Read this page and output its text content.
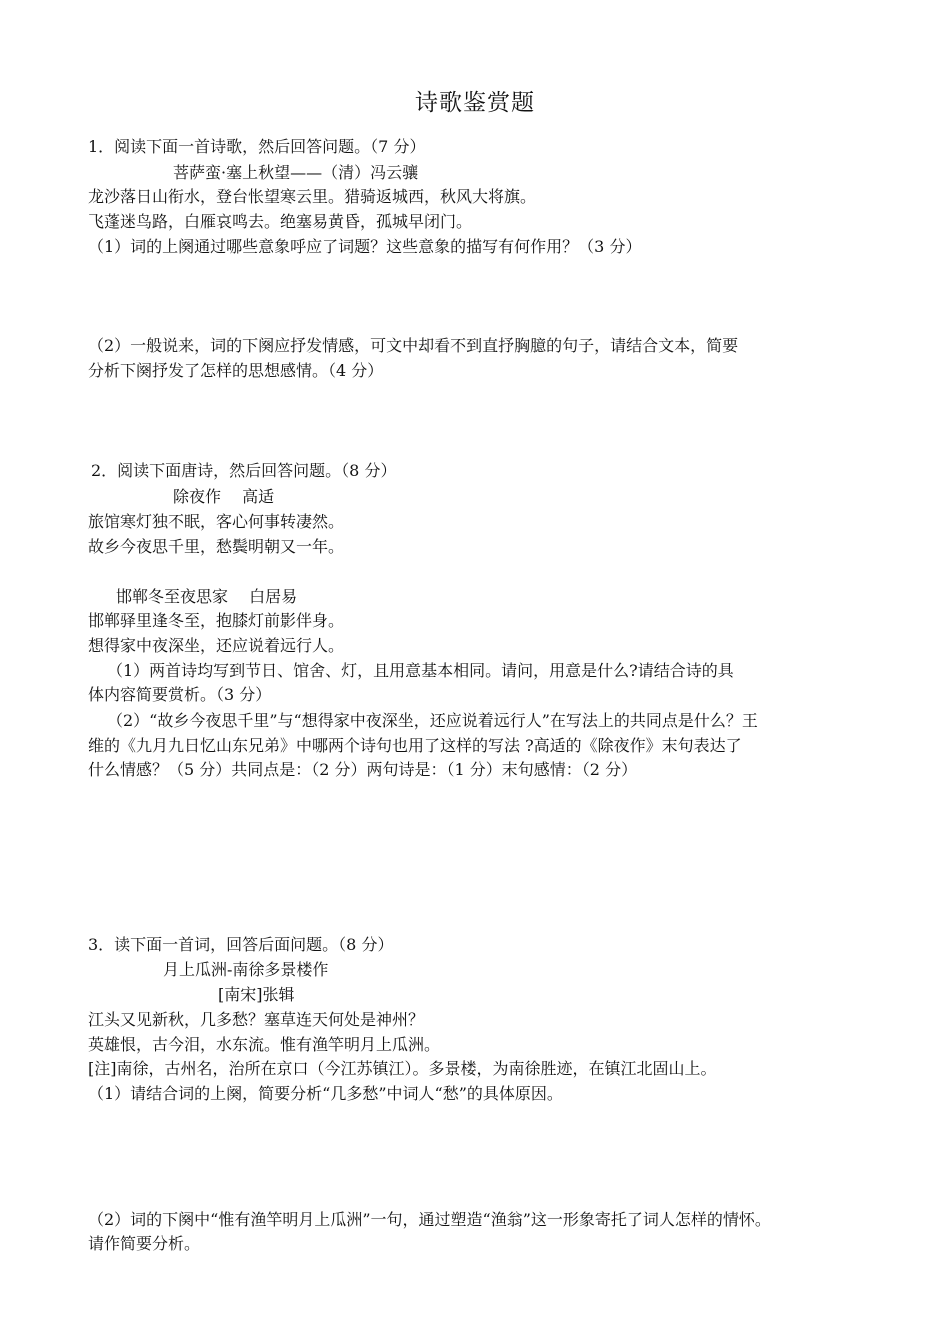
诗歌鉴赏题
1．阅读下面一首诗歌，然后回答问题。（7 分）
菩萨蛮·塞上秋望——（清）冯云骧
龙沙落日山衔水，登台怅望寒云里。猎骑返城西，秋风大将旗。
飞蓬迷鸟路，白雁哀鸣去。绝塞易黄昏，孤城早闭门。
（1）词的上阕通过哪些意象呼应了词题？这些意象的描写有何作用？（3 分）
（2）一般说来，词的下阕应抒发情感，可文中却看不到直抒胸臆的句子，请结合文本，简要
分析下阕抒发了怎样的思想感情。（4 分）
2．阅读下面唐诗，然后回答问题。（8 分）
除夜作　 高适
旅馆寒灯独不眠，客心何事转凄然。
故乡今夜思千里，愁鬓明朝又一年。
邯郸冬至夜思家　 白居易
邯郸驿里逢冬至，抱膝灯前影伴身。
想得家中夜深坐，还应说着远行人。
（1）两首诗均写到节日、馆舍、灯，且用意基本相同。请问，用意是什么?请结合诗的具
体内容简要赏析。（3 分）
（2）“故乡今夜思千里”与“想得家中夜深坐，还应说着远行人”在写法上的共同点是什么？王
维的《九月九日忆山东兄弟》中哪两个诗句也用了这样的写法 ?高适的《除夜作》末句表达了
什么情感？（5 分）共同点是：（2 分）两句诗是：（1 分）末句感情：（2 分）
3．读下面一首词，回答后面问题。（8 分）
月上瓜洲-南徐多景楼作
[南宋]张辑
江头又见新秋，几多愁？塞草连天何处是神州？
英雄恨，古今泪，水东流。惟有渔竿明月上瓜洲。
[注]南徐，古州名，治所在京口（今江苏镇江）。多景楼，为南徐胜迹，在镇江北固山上。
（1）请结合词的上阕，简要分析“几多愁”中词人“愁”的具体原因。
（2）词的下阕中“惟有渔竿明月上瓜洲”一句，通过塑造“渔翁”这一形象寄托了词人怎样的情怀。
请作简要分析。
